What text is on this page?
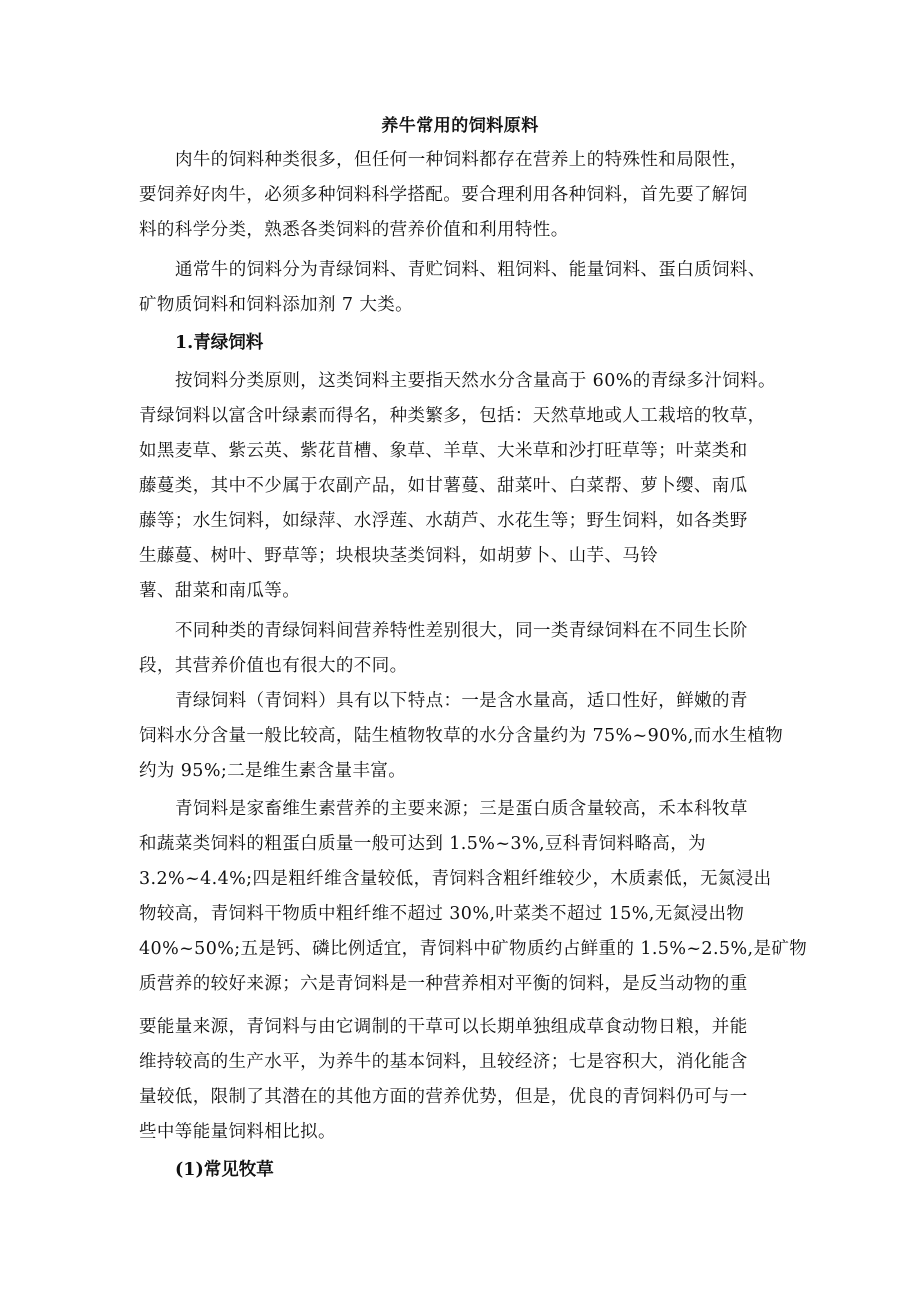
养牛常用的饲料原料
肉牛的饲料种类很多，但任何一种饲料都存在营养上的特殊性和局限性，
要饲养好肉牛，必须多种饲料科学搭配。要合理利用各种饲料，首先要了解饲
料的科学分类，熟悉各类饲料的营养价值和利用特性。
通常牛的饲料分为青绿饲料、青贮饲料、粗饲料、能量饲料、蛋白质饲料、
矿物质饲料和饲料添加剂 7 大类。
1.青绿饲料
按饲料分类原则，这类饲料主要指天然水分含量高于 60%的青绿多汁饲料。
青绿饲料以富含叶绿素而得名，种类繁多，包括：天然草地或人工栽培的牧草，
如黑麦草、紫云英、紫花苜槽、象草、羊草、大米草和沙打旺草等；叶菜类和
藤蔓类，其中不少属于农副产品，如甘薯蔓、甜菜叶、白菜帮、萝卜缨、南瓜
藤等；水生饲料，如绿萍、水浮莲、水葫芦、水花生等；野生饲料，如各类野
生藤蔓、树叶、野草等；块根块茎类饲料，如胡萝卜、山芋、马铃
薯、甜菜和南瓜等。
不同种类的青绿饲料间营养特性差别很大，同一类青绿饲料在不同生长阶
段，其营养价值也有很大的不同。
青绿饲料（青饲料）具有以下特点：一是含水量高，适口性好，鲜嫩的青
饲料水分含量一般比较高，陆生植物牧草的水分含量约为 75%~90%,而水生植物
约为 95%;二是维生素含量丰富。
青饲料是家畜维生素营养的主要来源；三是蛋白质含量较高，禾本科牧草
和蔬菜类饲料的粗蛋白质量一般可达到 1.5%~3%,豆科青饲料略高，为
3.2%~4.4%;四是粗纤维含量较低，青饲料含粗纤维较少，木质素低，无氮浸出
物较高，青饲料干物质中粗纤维不超过 30%,叶菜类不超过 15%,无氮浸出物
40%~50%;五是钙、磷比例适宜，青饲料中矿物质约占鲜重的 1.5%~2.5%,是矿物
质营养的较好来源；六是青饲料是一种营养相对平衡的饲料，是反当动物的重
要能量来源，青饲料与由它调制的干草可以长期单独组成草食动物日粮，并能
维持较高的生产水平，为养牛的基本饲料，且较经济；七是容积大，消化能含
量较低，限制了其潜在的其他方面的营养优势，但是，优良的青饲料仍可与一
些中等能量饲料相比拟。
(1)常见牧草
